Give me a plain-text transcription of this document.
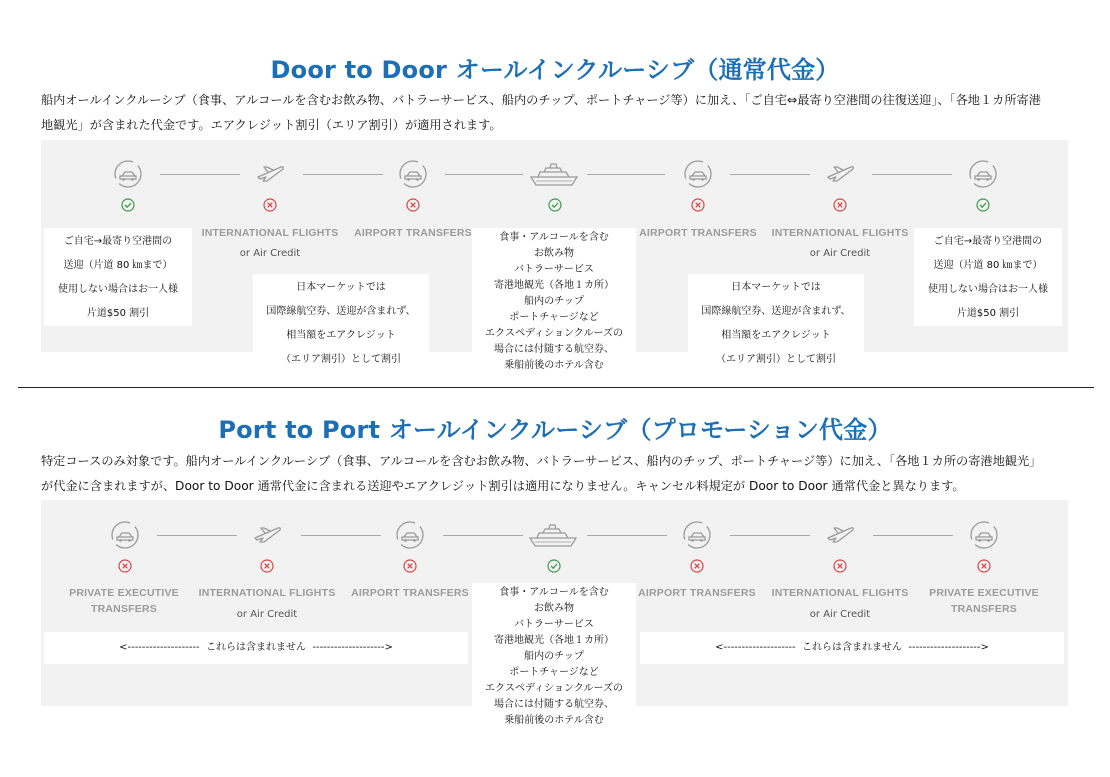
Door to Door オールインクルーシブ（通常代金）
船内オールインクルーシブ（食事、アルコールを含むお飲み物、バトラーサービス、船内のチップ、ポートチャージ等）に加え、「ご自宅⇔最寄り空港間の往復送迎」、「各地１カ所寄港
地観光」が含まれた代金です。エアクレジット割引（エリア割引）が適用されます。
INTERNATIONAL FLIGHTS
or Air Credit
AIRPORT TRANSFERS	AIRPORT TRANSFERS	INTERNATIONAL FLIGHTS
or Air Credit
ご自宅→最寄り空港間の
送迎（片道 80 ㎞まで）
使用しない場合はお一人様
片道$50 割引
日本マーケットでは
国際線航空券、送迎が含まれず、
相当額をエアクレジット
（エリア割引）として割引
食事・アルコールを含む
お飲み物
バトラーサービス
寄港地観光（各地１カ所）
船内のチップ
ポートチャージなど
エクスペディションクルーズの
場合には付随する航空券、
乗船前後のホテル含む
日本マーケットでは
国際線航空券、送迎が含まれず、
相当額をエアクレジット
（エリア割引）として割引
ご自宅→最寄り空港間の
送迎（片道 80 ㎞まで）
使用しない場合はお一人様
片道$50 割引
Port to Port オールインクルーシブ（プロモーション代金）
特定コースのみ対象です。船内オールインクルーシブ（食事、アルコールを含むお飲み物、バトラーサービス、船内のチップ、ポートチャージ等）に加え、「各地１カ所の寄港地観光」
が代金に含まれますが、Door to Door 通常代金に含まれる送迎やエアクレジット割引は適用になりません。キャンセル料規定が Door to Door 通常代金と異なります。
PRIVATE EXECUTIVE
TRANSFERS
INTERNATIONAL FLIGHTS
or Air Credit
AIRPORT TRANSFERS	AIRPORT TRANSFERS	INTERNATIONAL FLIGHTS
or Air Credit
PRIVATE EXECUTIVE
TRANSFERS
<--------------------  これらは含まれません  -------------------->
食事・アルコールを含む
お飲み物
バトラーサービス
寄港地観光（各地１カ所）
船内のチップ
ポートチャージなど
エクスペディションクルーズの
場合には付随する航空券、
乗船前後のホテル含む
<--------------------  これらは含まれません  -------------------->
